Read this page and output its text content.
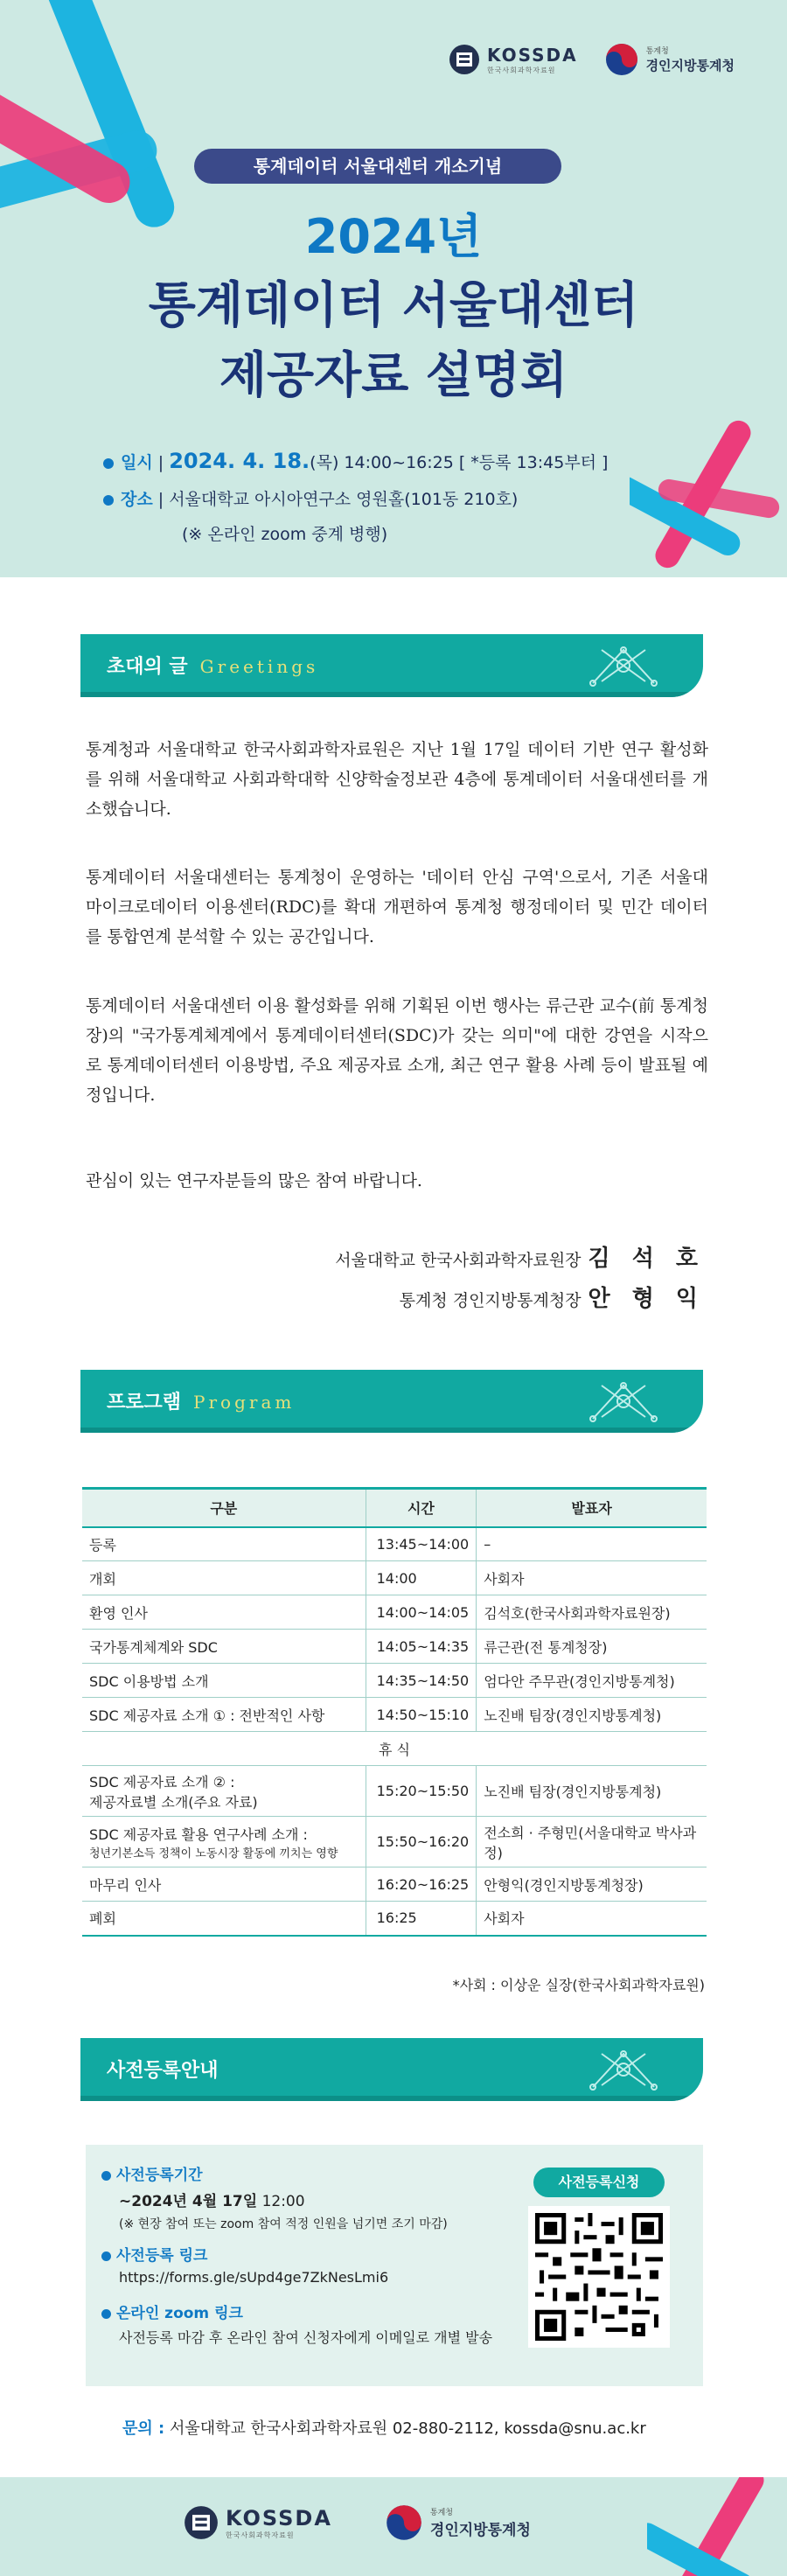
KOSSDA
한국사회과학자료원
통계청
경인지방통계청
통계데이터 서울대센터 개소기념
2024년
통계데이터 서울대센터
제공자료 설명회
일시 | 2024. 4. 18.(목) 14:00~16:25 [ *등록 13:45부터 ]
장소 | 서울대학교 아시아연구소 영원홀(101동 210호)
(※ 온라인 zoom 중계 병행)
초대의 글 Greetings
통계청과 서울대학교 한국사회과학자료원은 지난 1월 17일 데이터 기반 연구 활성화를 위해 서울대학교 사회과학대학 신양학술정보관 4층에 통계데이터 서울대센터를 개소했습니다.
통계데이터 서울대센터는 통계청이 운영하는 '데이터 안심 구역'으로서, 기존 서울대 마이크로데이터 이용센터(RDC)를 확대 개편하여 통계청 행정데이터 및 민간 데이터를 통합연계 분석할 수 있는 공간입니다.
통계데이터 서울대센터 이용 활성화를 위해 기획된 이번 행사는 류근관 교수(前 통계청장)의 "국가통계체계에서 통계데이터센터(SDC)가 갖는 의미"에 대한 강연을 시작으로 통계데이터센터 이용방법, 주요 제공자료 소개, 최근 연구 활용 사례 등이 발표될 예정입니다.
관심이 있는 연구자분들의 많은 참여 바랍니다.
서울대학교 한국사회과학자료원장 김 석 호
통계청 경인지방통계청장 안 형 익
프로그램 Program
구분	시간	발표자
등록	13:45~14:00	–
개회	14:00	사회자
환영 인사	14:00~14:05	김석호(한국사회과학자료원장)
국가통계체계와 SDC	14:05~14:35	류근관(전 통계청장)
SDC 이용방법 소개	14:35~14:50	엄다안 주무관(경인지방통계청)
SDC 제공자료 소개 ① : 전반적인 사항	14:50~15:10	노진배 팀장(경인지방통계청)
휴 식		

SDC 제공자료 소개 ② :
제공자료별 소개(주요 자료)	15:20~15:50	노진배 팀장(경인지방통계청)

SDC 제공자료 활용 연구사례 소개 :
청년기본소득 정책이 노동시장 활동에 끼치는 영향	15:50~16:20	전소희 · 주형민(서울대학교 박사과정)
마무리 인사	16:20~16:25	안형익(경인지방통계청장)
폐회	16:25	사회자
*사회 : 이상운 실장(한국사회과학자료원)
사전등록안내
사전등록기간
~2024년 4월 17일 12:00
(※ 현장 참여 또는 zoom 참여 적정 인원을 넘기면 조기 마감)
사전등록 링크
https://forms.gle/sUpd4ge7ZkNesLmi6
온라인 zoom 링크
사전등록 마감 후 온라인 참여 신청자에게 이메일로 개별 발송
사전등록신청
문의 : 서울대학교 한국사회과학자료원 02-880-2112, kossda@snu.ac.kr
KOSSDA
한국사회과학자료원
통계청
경인지방통계청
